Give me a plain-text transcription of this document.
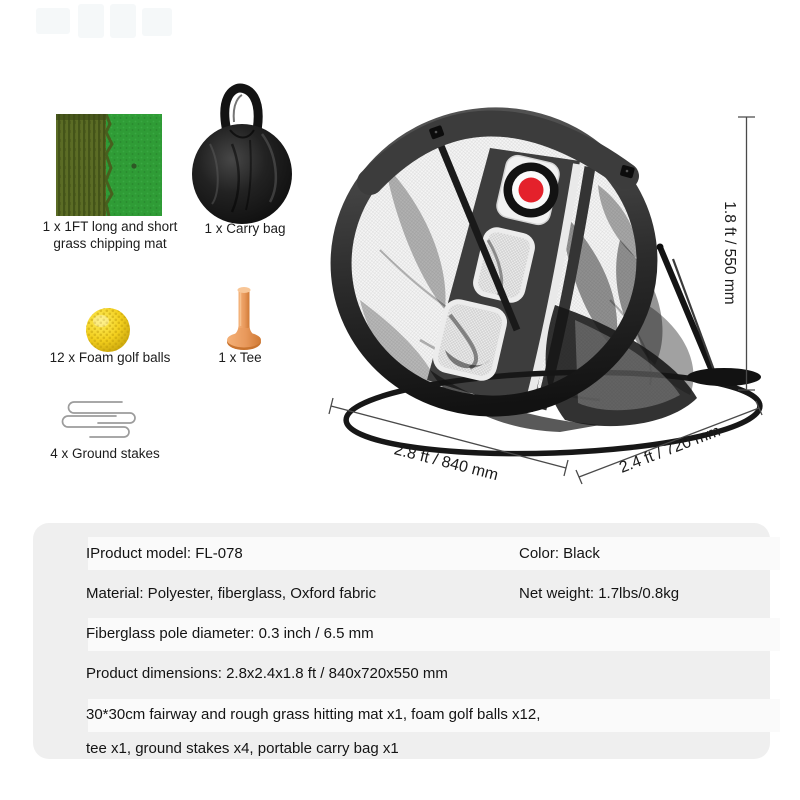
1 x 1FT long and short
grass chipping mat
1 x Carry bag
12 x Foam golf balls	1 x Tee
4 x Ground stakes
1.8 ft / 550 mm
2.8 ft / 840 mm	2.4 ft / 720 mm
IProduct model: FL-078	Color: Black
Material: Polyester, fiberglass, Oxford fabric	Net weight: 1.7lbs/0.8kg
Fiberglass pole diameter: 0.3 inch / 6.5 mm
Product dimensions: 2.8x2.4x1.8 ft / 840x720x550 mm
30*30cm fairway and rough grass hitting mat x1, foam golf balls x12,
tee x1, ground stakes x4, portable carry bag x1
